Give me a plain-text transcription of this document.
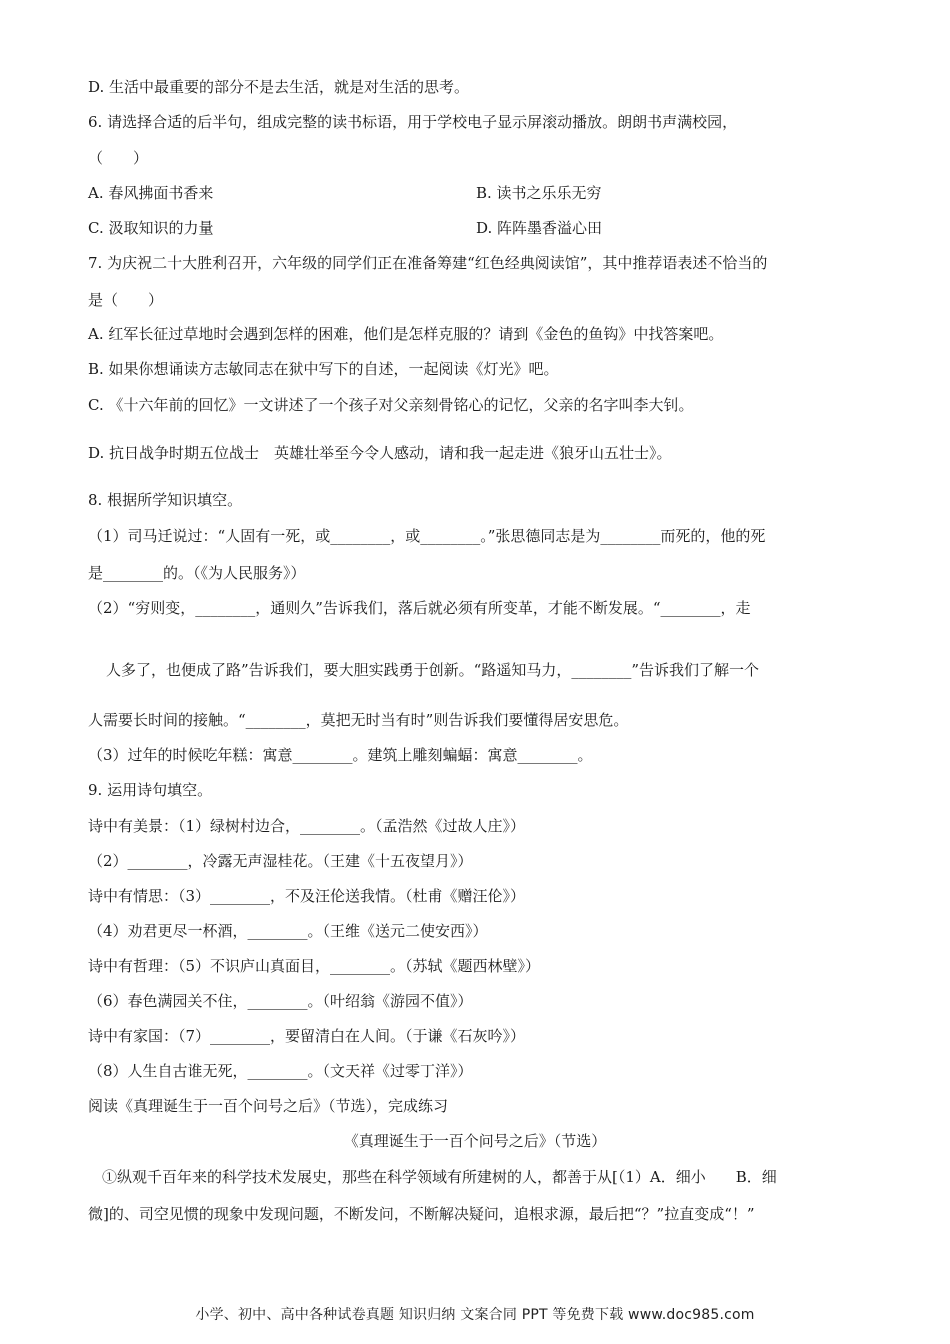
D. 生活中最重要的部分不是去生活，就是对生活的思考。
6. 请选择合适的后半句，组成完整的读书标语，用于学校电子显示屏滚动播放。朗朗书声满校园，
（　　）
A. 春风拂面书香来	B. 读书之乐乐无穷
C. 汲取知识的力量	D. 阵阵墨香溢心田
7. 为庆祝二十大胜利召开，六年级的同学们正在准备筹建“红色经典阅读馆”，其中推荐语表述不恰当的
是（　　）
A. 红军长征过草地时会遇到怎样的困难，他们是怎样克服的？请到《金色的鱼钩》中找答案吧。
B. 如果你想诵读方志敏同志在狱中写下的自述，一起阅读《灯光》吧。
C. 《十六年前的回忆》一文讲述了一个孩子对父亲刻骨铭心的记忆，父亲的名字叫李大钊。
D. 抗日战争时期五位战士　英雄壮举至今令人感动，请和我一起走进《狼牙山五壮士》。
8. 根据所学知识填空。
（1）司马迁说过：“人固有一死，或________，或________。”张思德同志是为________而死的，他的死
是________的。（《为人民服务》）
（2）“穷则变，________，通则久”告诉我们，落后就必须有所变革，才能不断发展。“________，走
人多了，也便成了路”告诉我们，要大胆实践勇于创新。“路遥知马力，________”告诉我们了解一个
人需要长时间的接触。“________，莫把无时当有时”则告诉我们要懂得居安思危。
（3）过年的时候吃年糕：寓意________。建筑上雕刻蝙蝠：寓意________。
9. 运用诗句填空。
诗中有美景：（1）绿树村边合，________。（孟浩然《过故人庄》）
（2）________，冷露无声湿桂花。（王建《十五夜望月》）
诗中有情思：（3）________，不及汪伦送我情。（杜甫《赠汪伦》）
（4）劝君更尽一杯酒，________。（王维《送元二使安西》）
诗中有哲理：（5）不识庐山真面目，________。（苏轼《题西林壁》）
（6）春色满园关不住，________。（叶绍翁《游园不值》）
诗中有家国：（7）________，要留清白在人间。（于谦《石灰吟》）
（8）人生自古谁无死，________。（文天祥《过零丁洋》）
阅读《真理诞生于一百个问号之后》（节选），完成练习
《真理诞生于一百个问号之后》（节选）
①纵观千百年来的科学技术发展史，那些在科学领域有所建树的人，都善于从[（1）A．细小　　B．细
微]的、司空见惯的现象中发现问题，不断发问，不断解决疑问，追根求源，最后把“？”拉直变成“！”
小学、初中、高中各种试卷真题 知识归纳 文案合同 PPT 等免费下载 www.doc985.com
